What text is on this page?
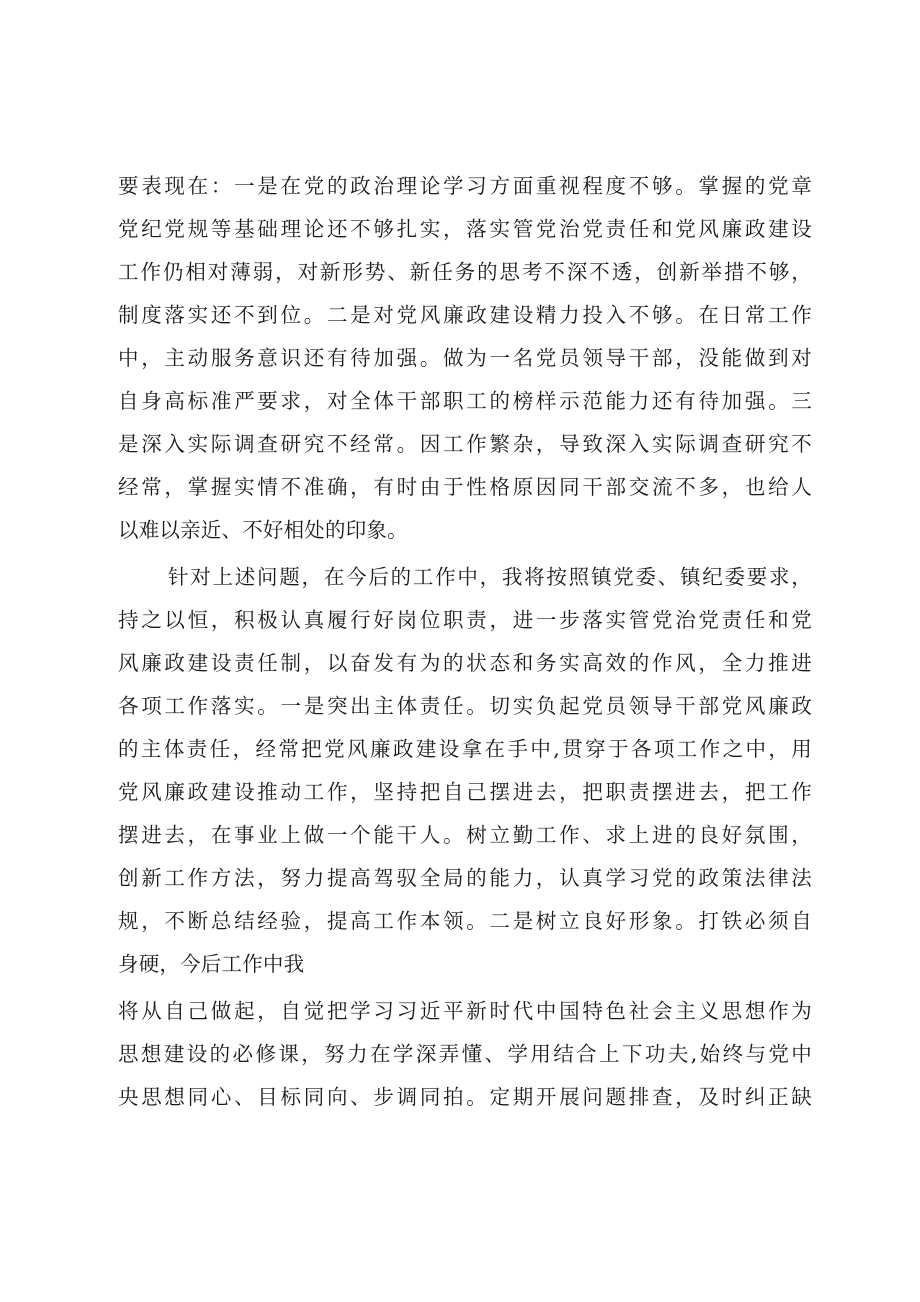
要表现在：一是在党的政治理论学习方面重视程度不够。掌握的党章
党纪党规等基础理论还不够扎实，落实管党治党责任和党风廉政建设
工作仍相对薄弱，对新形势、新任务的思考不深不透，创新举措不够，
制度落实还不到位。二是对党风廉政建设精力投入不够。在日常工作
中，主动服务意识还有待加强。做为一名党员领导干部，没能做到对
自身高标准严要求，对全体干部职工的榜样示范能力还有待加强。三
是深入实际调查研究不经常。因工作繁杂，导致深入实际调查研究不
经常，掌握实情不准确，有时由于性格原因同干部交流不多，也给人
以难以亲近、不好相处的印象。
针对上述问题，在今后的工作中，我将按照镇党委、镇纪委要求，
持之以恒，积极认真履行好岗位职责，进一步落实管党治党责任和党
风廉政建设责任制，以奋发有为的状态和务实高效的作风，全力推进
各项工作落实。一是突出主体责任。切实负起党员领导干部党风廉政
的主体责任，经常把党风廉政建设拿在手中,贯穿于各项工作之中，用
党风廉政建设推动工作，坚持把自己摆进去，把职责摆进去，把工作
摆进去，在事业上做一个能干人。树立勤工作、求上进的良好氛围，
创新工作方法，努力提高驾驭全局的能力，认真学习党的政策法律法
规，不断总结经验，提高工作本领。二是树立良好形象。打铁必须自
身硬，今后工作中我
将从自己做起，自觉把学习习近平新时代中国特色社会主义思想作为
思想建设的必修课，努力在学深弄懂、学用结合上下功夫,始终与党中
央思想同心、目标同向、步调同拍。定期开展问题排查，及时纠正缺
